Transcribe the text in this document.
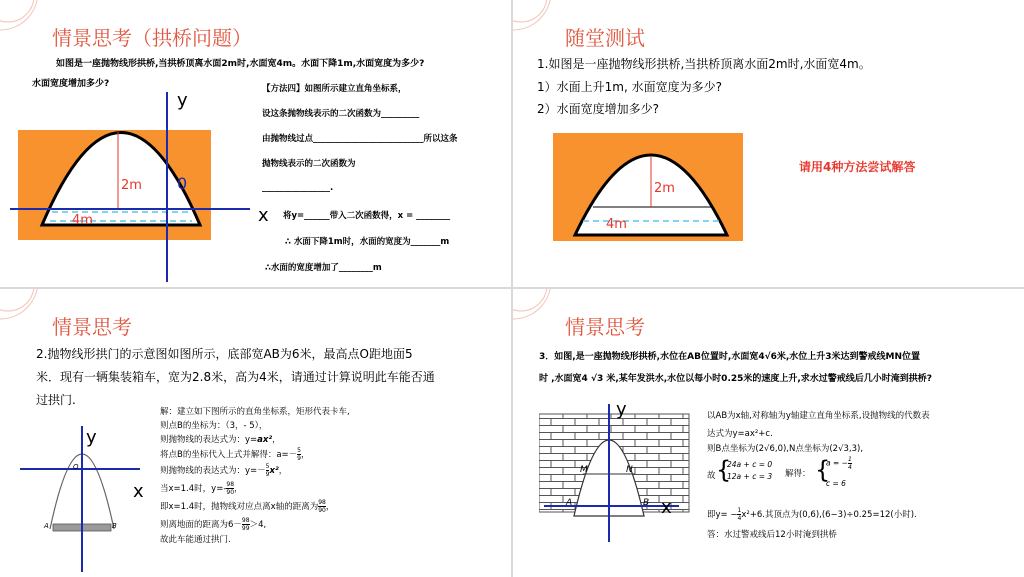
情景思考（拱桥问题）
如图是一座抛物线形拱桥,当拱桥顶离水面2m时,水面宽4m。水面下降1m,水面宽度为多少?
水面宽度增加多少?
2m
4m
0
y
x
【方法四】如图所示建立直角坐标系，
设这条抛物线表示的二次函数为_________
由抛物线过点__________________________所以这条
抛物线表示的二次函数为
________________.
将y=______带入二次函数得，x = ________
∴ 水面下降1m时，水面的宽度为_______m
∴水面的宽度增加了________m
随堂测试
1.如图是一座抛物线形拱桥,当拱桥顶离水面2m时,水面宽4m。
1）水面上升1m, 水面宽度为多少?
2）水面宽度增加多少?
2m
4m
请用4种方法尝试解答
情景思考
2.抛物线形拱门的示意图如图所示，底部宽AB为6米，最高点O距地面5
米．现有一辆集装箱车，宽为2.8米，高为4米，请通过计算说明此车能否通
过拱门.
y
x
O
A	B
解：建立如下图所示的直角坐标系，矩形代表卡车,
则点B的坐标为：（3，- 5），
则抛物线的表达式为：y=ax²，
将点B的坐标代入上式并解得：$a=- \frac{5}{9}$ ，
则抛物线的表达式为：$y=- \frac{5}{9} x^2$，
当x=1.4时，$y=- \frac{98}{90}$ ，
即x=1.4时，抛物线对应点离x轴的距离为 $\frac{98}{90}$ ，
则离地面的距离为$6- \frac{98}{99} >4$,
故此车能通过拱门.
情景思考
3．如图,是一座抛物线形拱桥,水位在AB位置时,水面宽4√6米,水位上升3米达到警戒线MN位置
时 ,水面宽4 √3 米,某年发洪水,水位以每小时0.25米的速度上升,求水过警戒线后几小时淹到拱桥?
y
x
M	N
A	B
以AB为x轴,对称轴为y轴建立直角坐标系,设抛物线的代数表
达式为y=ax²+c.
则B点坐标为(2√6,0),N点坐标为(2√3,3),
故 {
24a + c = 0
12a + c = 3 解得： {
a = − $\frac{1}{4}$
c = 6
即$y= - \frac{1}{4} x^2+6$.其顶点为(0,6),(6−3)÷0.25=12(小时).
答：水过警戒线后12小时淹到拱桥
